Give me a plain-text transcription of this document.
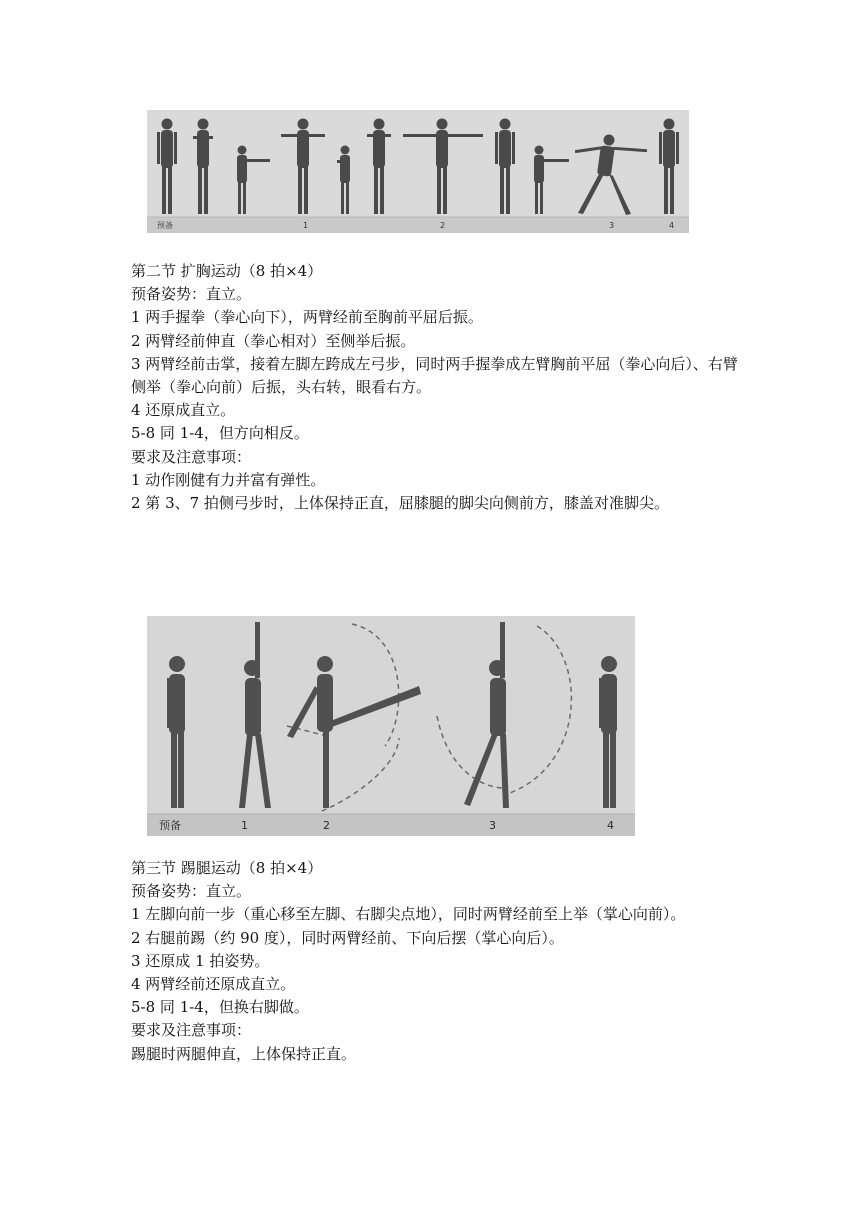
预备	1	2	3	4
第二节 扩胸运动（8 拍×4）
预备姿势：直立。
1 两手握拳（拳心向下），两臂经前至胸前平屈后振。
2 两臂经前伸直（拳心相对）至侧举后振。
3 两臂经前击掌，接着左脚左跨成左弓步，同时两手握拳成左臂胸前平屈（拳心向后）、右臂侧举（拳心向前）后振，头右转，眼看右方。
4 还原成直立。
5-8 同 1-4，但方向相反。
要求及注意事项：
1 动作刚健有力并富有弹性。
2 第 3、7 拍侧弓步时，上体保持正直，屈膝腿的脚尖向侧前方，膝盖对准脚尖。
预备	1	2	3	4
第三节 踢腿运动（8 拍×4）
预备姿势：直立。
1 左脚向前一步（重心移至左脚、右脚尖点地），同时两臂经前至上举（掌心向前）。
2 右腿前踢（约 90 度），同时两臂经前、下向后摆（掌心向后）。
3 还原成 1 拍姿势。
4 两臂经前还原成直立。
5-8 同 1-4，但换右脚做。
要求及注意事项：
踢腿时两腿伸直，上体保持正直。
